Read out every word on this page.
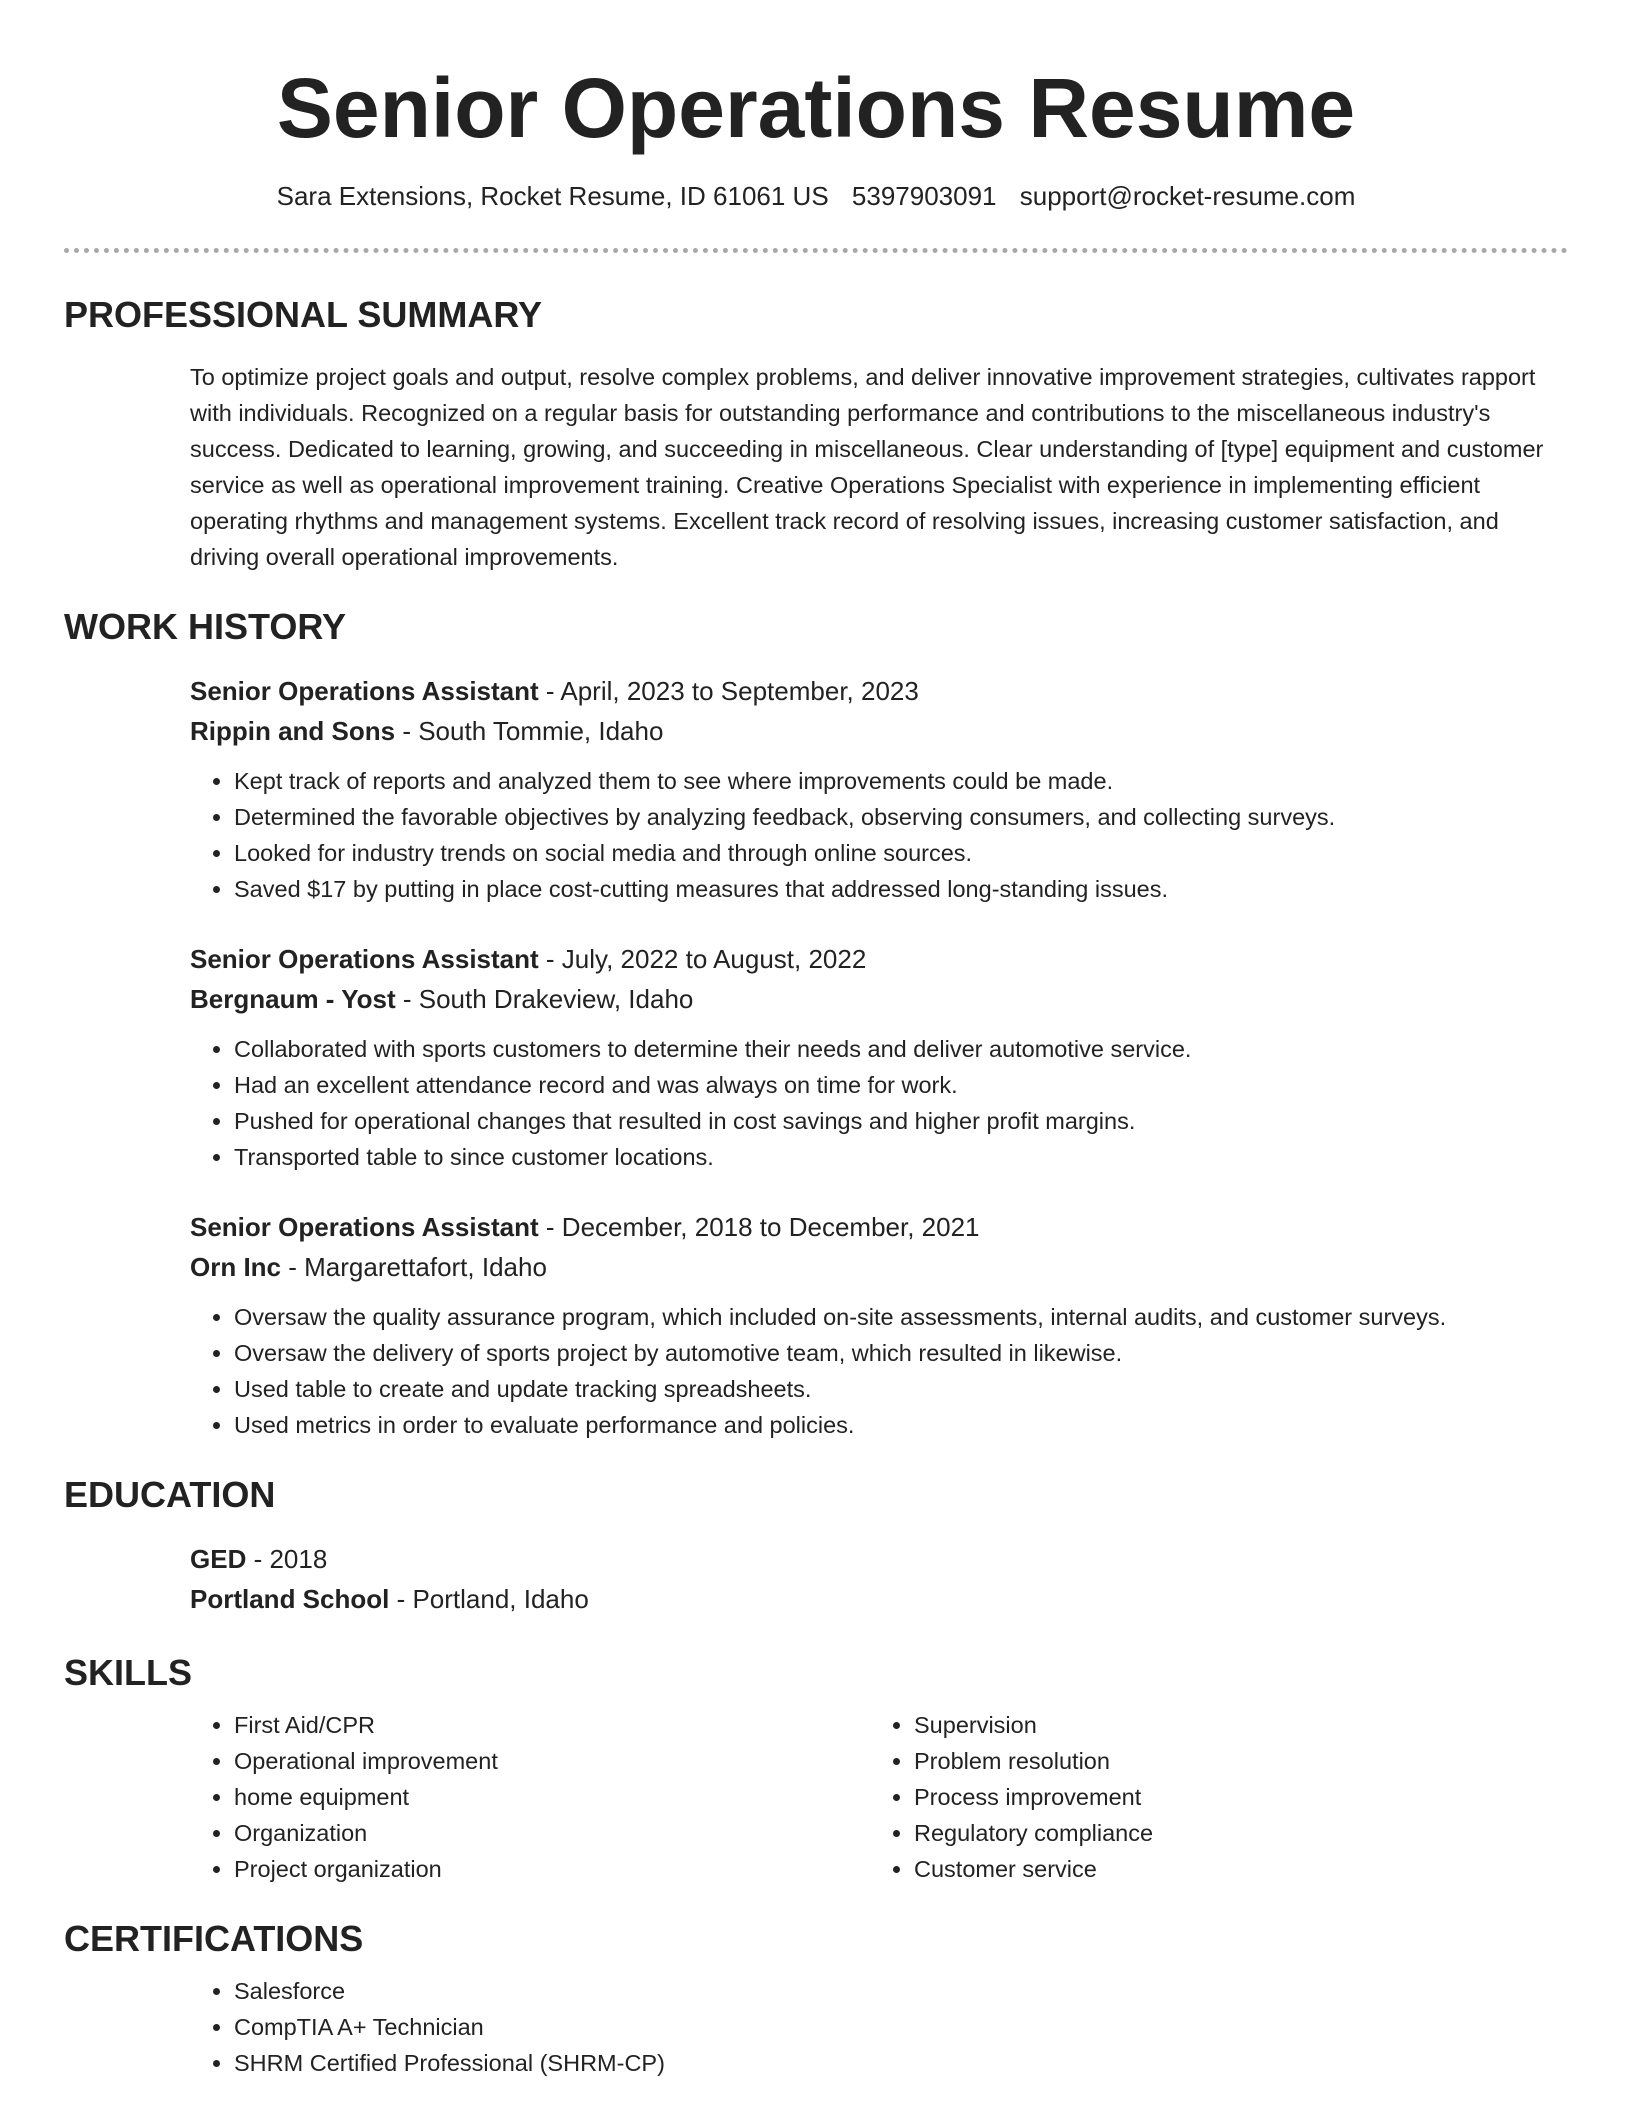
Senior Operations Resume
Sara Extensions, Rocket Resume, ID 61061 US 5397903091 support@rocket-resume.com
PROFESSIONAL SUMMARY

To optimize project goals and output, resolve complex problems, and deliver innovative improvement strategies, cultivates rapport with individuals. Recognized on a regular basis for outstanding performance and contributions to the miscellaneous industry's success. Dedicated to learning, growing, and succeeding in miscellaneous. Clear understanding of [type] equipment and customer service as well as operational improvement training. Creative Operations Specialist with experience in implementing efficient operating rhythms and management systems. Excellent track record of resolving issues, increasing customer satisfaction, and driving overall operational improvements.

WORK HISTORY
Senior Operations Assistant - April, 2023 to September, 2023
Rippin and Sons - South Tommie, Idaho
• Kept track of reports and analyzed them to see where improvements could be made.
• Determined the favorable objectives by analyzing feedback, observing consumers, and collecting surveys.
• Looked for industry trends on social media and through online sources.
• Saved $17 by putting in place cost-cutting measures that addressed long-standing issues.
Senior Operations Assistant - July, 2022 to August, 2022
Bergnaum - Yost - South Drakeview, Idaho
• Collaborated with sports customers to determine their needs and deliver automotive service.
• Had an excellent attendance record and was always on time for work.
• Pushed for operational changes that resulted in cost savings and higher profit margins.
• Transported table to since customer locations.
Senior Operations Assistant - December, 2018 to December, 2021
Orn Inc - Margarettafort, Idaho
• Oversaw the quality assurance program, which included on-site assessments, internal audits, and customer surveys.
• Oversaw the delivery of sports project by automotive team, which resulted in likewise.
• Used table to create and update tracking spreadsheets.
• Used metrics in order to evaluate performance and policies.
EDUCATION
GED - 2018
Portland School - Portland, Idaho
SKILLS
• First Aid/CPR
• Operational improvement
• home equipment
• Organization
• Project organization
• Supervision
• Problem resolution
• Process improvement
• Regulatory compliance
• Customer service
CERTIFICATIONS
• Salesforce
• CompTIA A+ Technician
• SHRM Certified Professional (SHRM-CP)
